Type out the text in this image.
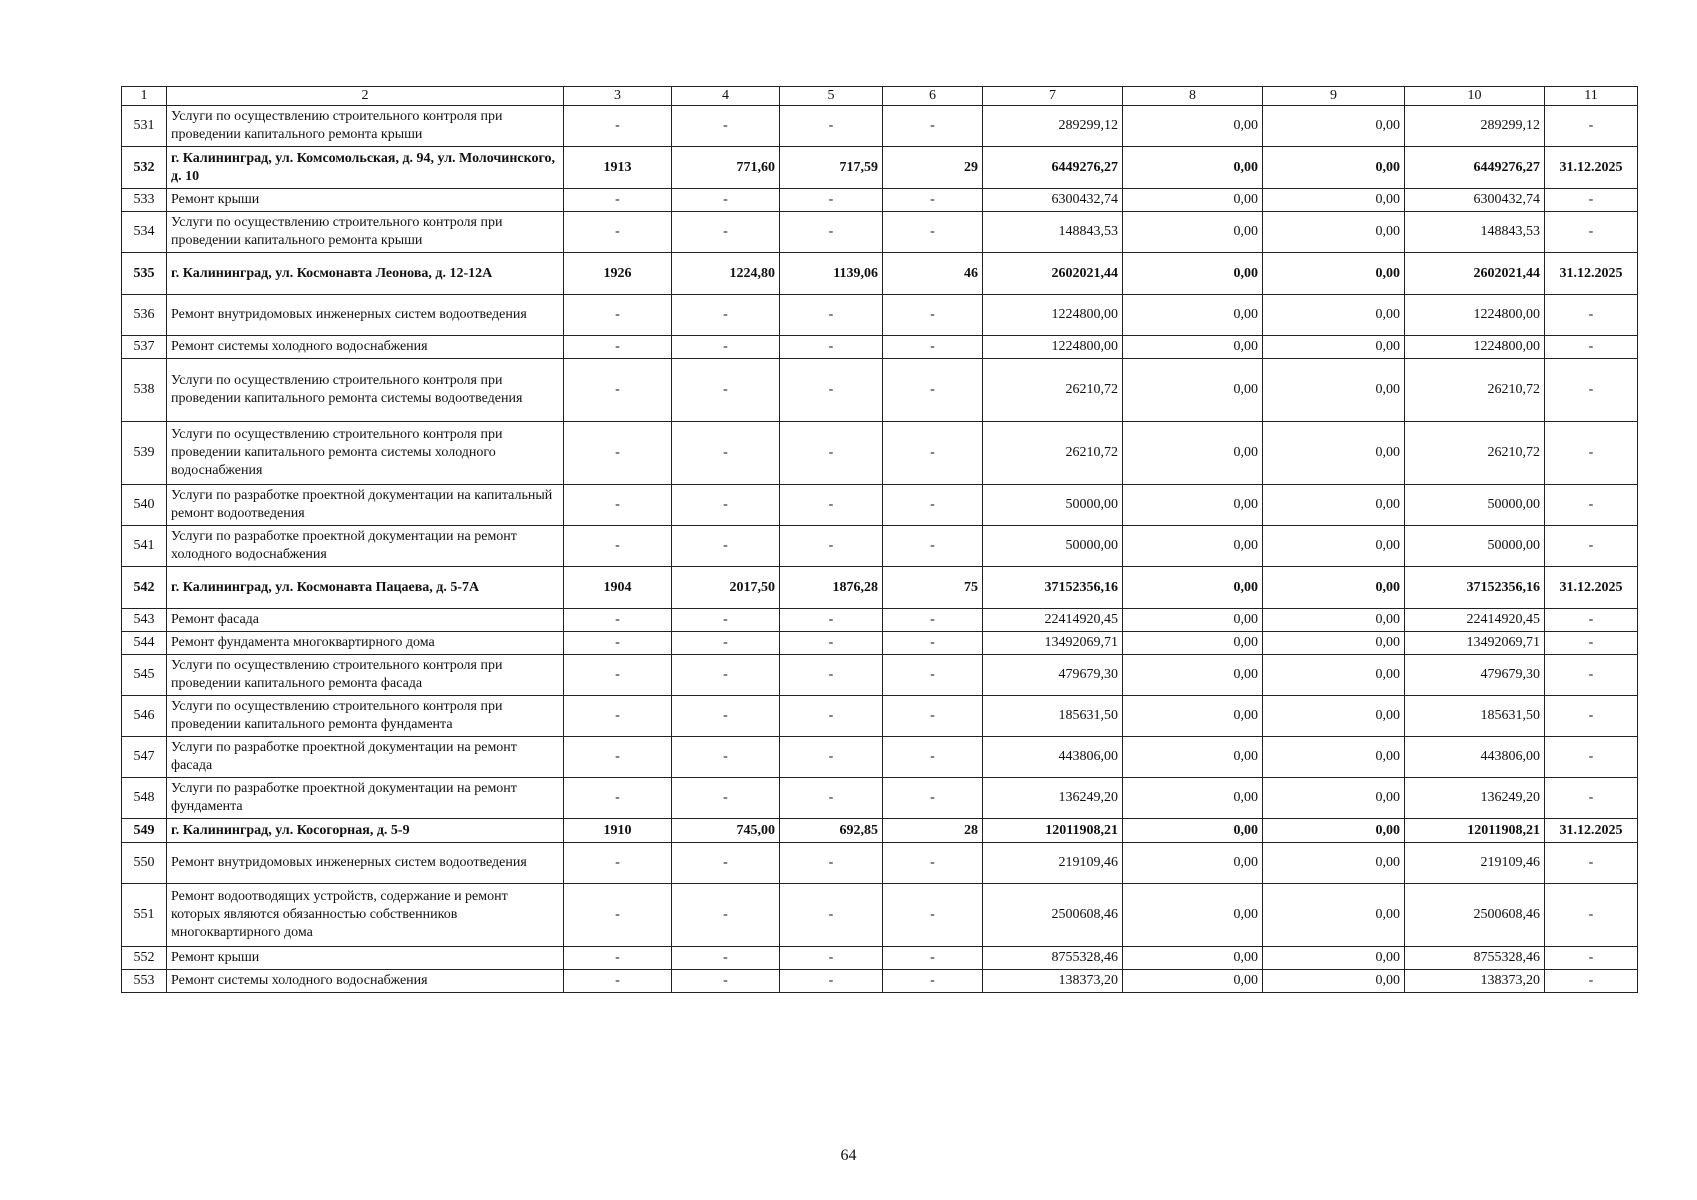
1	2	3	4	5	6	7	8	9	10	11
531	Услуги по осуществлению строительного контроля при проведении капитального ремонта крыши	-	-	-	-	289299,12	0,00	0,00	289299,12	-
532	г. Калининград, ул. Комсомольская, д. 94, ул. Молочинского, д. 10	1913	771,60	717,59	29	6449276,27	0,00	0,00	6449276,27	31.12.2025
533	Ремонт крыши	-	-	-	-	6300432,74	0,00	0,00	6300432,74	-
534	Услуги по осуществлению строительного контроля при проведении капитального ремонта крыши	-	-	-	-	148843,53	0,00	0,00	148843,53	-
535	г. Калининград, ул. Космонавта Леонова, д. 12-12А	1926	1224,80	1139,06	46	2602021,44	0,00	0,00	2602021,44	31.12.2025
536	Ремонт внутридомовых инженерных систем водоотведения	-	-	-	-	1224800,00	0,00	0,00	1224800,00	-
537	Ремонт системы холодного водоснабжения	-	-	-	-	1224800,00	0,00	0,00	1224800,00	-
538	Услуги по осуществлению строительного контроля при проведении капитального ремонта системы водоотведения	-	-	-	-	26210,72	0,00	0,00	26210,72	-
539	Услуги по осуществлению строительного контроля при проведении капитального ремонта системы холодного водоснабжения	-	-	-	-	26210,72	0,00	0,00	26210,72	-
540	Услуги по разработке проектной документации на капитальный ремонт водоотведения	-	-	-	-	50000,00	0,00	0,00	50000,00	-
541	Услуги по разработке проектной документации на ремонт холодного водоснабжения	-	-	-	-	50000,00	0,00	0,00	50000,00	-
542	г. Калининград, ул. Космонавта Пацаева, д. 5-7А	1904	2017,50	1876,28	75	37152356,16	0,00	0,00	37152356,16	31.12.2025
543	Ремонт фасада	-	-	-	-	22414920,45	0,00	0,00	22414920,45	-
544	Ремонт фундамента многоквартирного дома	-	-	-	-	13492069,71	0,00	0,00	13492069,71	-
545	Услуги по осуществлению строительного контроля при проведении капитального ремонта фасада	-	-	-	-	479679,30	0,00	0,00	479679,30	-
546	Услуги по осуществлению строительного контроля при проведении капитального ремонта фундамента	-	-	-	-	185631,50	0,00	0,00	185631,50	-
547	Услуги по разработке проектной документации на ремонт фасада	-	-	-	-	443806,00	0,00	0,00	443806,00	-
548	Услуги по разработке проектной документации на ремонт фундамента	-	-	-	-	136249,20	0,00	0,00	136249,20	-
549	г. Калининград, ул. Косогорная, д. 5-9	1910	745,00	692,85	28	12011908,21	0,00	0,00	12011908,21	31.12.2025
550	Ремонт внутридомовых инженерных систем водоотведения	-	-	-	-	219109,46	0,00	0,00	219109,46	-
551	Ремонт водоотводящих устройств, содержание и ремонт которых являются обязанностью собственников многоквартирного дома	-	-	-	-	2500608,46	0,00	0,00	2500608,46	-
552	Ремонт крыши	-	-	-	-	8755328,46	0,00	0,00	8755328,46	-
553	Ремонт системы холодного водоснабжения	-	-	-	-	138373,20	0,00	0,00	138373,20	-
64
